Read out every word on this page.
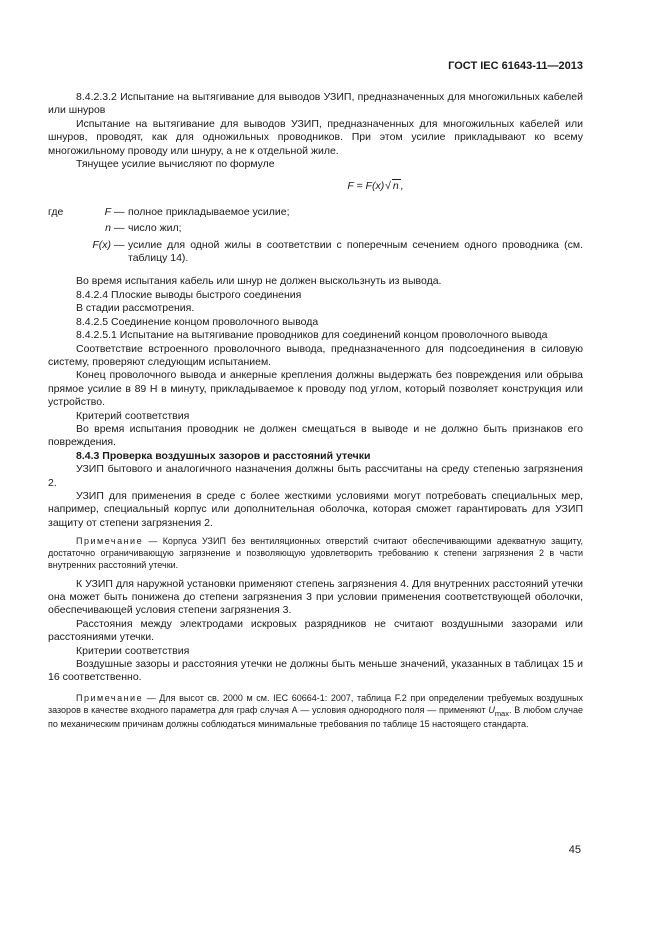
ГОСТ IEC 61643-11—2013

8.4.2.3.2 Испытание на вытягивание для выводов УЗИП, предназначенных для многожильных кабелей или шнуров

Испытание на вытягивание для выводов УЗИП, предназначенных для многожильных кабелей или шнуров, проводят, как для одножильных проводников. При этом усилие прикладывают ко всему многожильному проводу или шнуру, а не к отдельной жиле.

Тянущее усилие вычисляют по формуле

F = F(x) √ n ,
где	F — полное прикладываемое усилие;
n — число жил;
F(x) — усилие для одной жилы в соответствии с поперечным сечением одного проводника (см. таблицу 14).

Во время испытания кабель или шнур не должен выскользнуть из вывода.

8.4.2.4 Плоские выводы быстрого соединения

В стадии рассмотрения.

8.4.2.5 Соединение концом проволочного вывода

8.4.2.5.1 Испытание на вытягивание проводников для соединений концом проволочного вывода

Соответствие встроенного проволочного вывода, предназначенного для подсоединения в силовую систему, проверяют следующим испытанием.

Конец проволочного вывода и анкерные крепления должны выдержать без повреждения или обрыва прямое усилие в 89 Н в минуту, прикладываемое к проводу под углом, который позволяет конструкция или устройство.

Критерий соответствия

Во время испытания проводник не должен смещаться в выводе и не должно быть признаков его повреждения.

8.4.3 Проверка воздушных зазоров и расстояний утечки

УЗИП бытового и аналогичного назначения должны быть рассчитаны на среду степенью загрязнения 2.

УЗИП для применения в среде с более жесткими условиями могут потребовать специальных мер, например, специальный корпус или дополнительная оболочка, которая сможет гарантировать для УЗИП защиту от степени загрязнения 2.

Примечание — Корпуса УЗИП без вентиляционных отверстий считают обеспечивающими адекватную защиту, достаточно ограничивающую загрязнение и позволяющую удовлетворить требованию к степени загрязнения 2 в части внутренних расстояний утечки.

К УЗИП для наружной установки применяют степень загрязнения 4. Для внутренних расстояний утечки она может быть понижена до степени загрязнения 3 при условии применения соответствующей оболочки, обеспечивающей условия степени загрязнения 3.

Расстояния между электродами искровых разрядников не считают воздушными зазорами или расстояниями утечки.

Критерии соответствия

Воздушные зазоры и расстояния утечки не должны быть меньше значений, указанных в таблицах 15 и 16 соответственно.

Примечание — Для высот св. 2000 м см. IEC 60664-1: 2007, таблица F.2 при определении требуемых воздушных зазоров в качестве входного параметра для граф случая А — условия однородного поля — применяют $U_{max}$. В любом случае по механическим причинам должны соблюдаться минимальные требования по таблице 15 настоящего стандарта.

45
